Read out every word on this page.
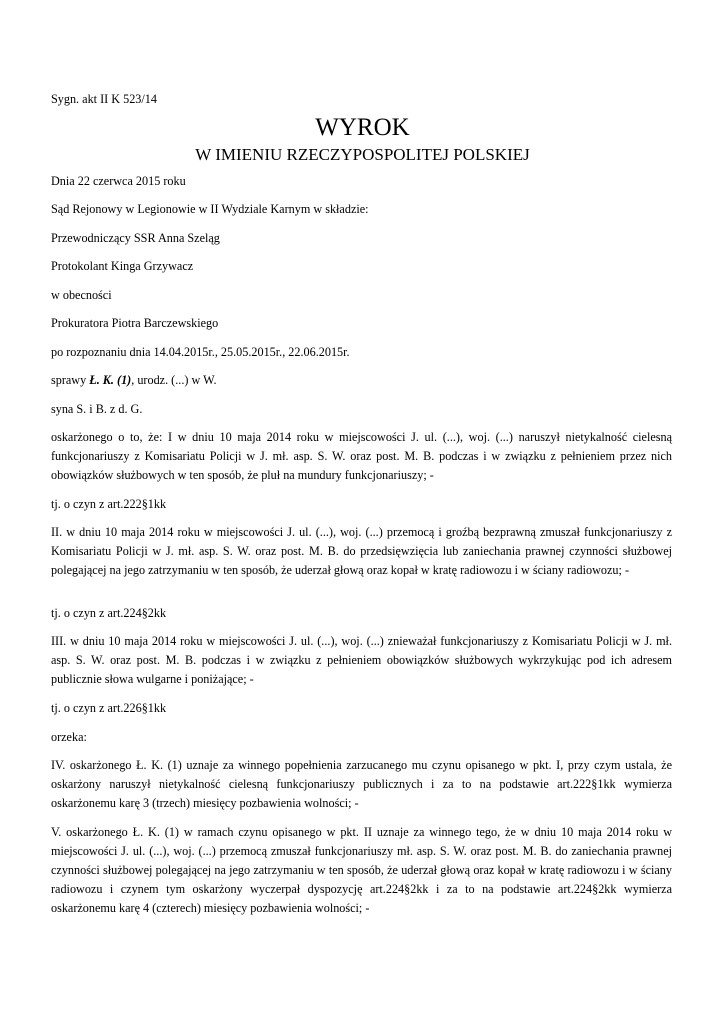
Sygn. akt II K 523/14

WYROK
W IMIENIU RZECZYPOSPOLITEJ POLSKIEJ

Dnia 22 czerwca 2015 roku

Sąd Rejonowy w Legionowie w II Wydziale Karnym w składzie:

Przewodniczący SSR Anna Szeląg

Protokolant Kinga Grzywacz

w obecności

Prokuratora Piotra Barczewskiego

po rozpoznaniu dnia 14.04.2015r., 25.05.2015r., 22.06.2015r.

sprawy Ł. K. (1), urodz. (...) w W.

syna S. i B. z d. G.

oskarżonego o to, że: I w dniu 10 maja 2014 roku w miejscowości J. ul. (...), woj. (...) naruszył nietykalność cielesną funkcjonariuszy z Komisariatu Policji w J. mł. asp. S. W. oraz post. M. B. podczas i w związku z pełnieniem przez nich obowiązków służbowych w ten sposób, że pluł na mundury funkcjonariuszy; -

tj. o czyn z art.222§1kk

II. w dniu 10 maja 2014 roku w miejscowości J. ul. (...), woj. (...) przemocą i groźbą bezprawną zmuszał funkcjonariuszy z Komisariatu Policji w J. mł. asp. S. W. oraz post. M. B. do przedsięwzięcia lub zaniechania prawnej czynności służbowej polegającej na jego zatrzymaniu w ten sposób, że uderzał głową oraz kopał w kratę radiowozu i w ściany radiowozu; -

tj. o czyn z art.224§2kk

III. w dniu 10 maja 2014 roku w miejscowości J. ul. (...), woj. (...) znieważał funkcjonariuszy z Komisariatu Policji w J. mł. asp. S. W. oraz post. M. B. podczas i w związku z pełnieniem obowiązków służbowych wykrzykując pod ich adresem publicznie słowa wulgarne i poniżające; -

tj. o czyn z art.226§1kk

orzeka:

IV. oskarżonego Ł. K. (1) uznaje za winnego popełnienia zarzucanego mu czynu opisanego w pkt. I, przy czym ustala, że oskarżony naruszył nietykalność cielesną funkcjonariuszy publicznych i za to na podstawie art.222§1kk wymierza oskarżonemu karę 3 (trzech) miesięcy pozbawienia wolności; -

V. oskarżonego Ł. K. (1) w ramach czynu opisanego w pkt. II uznaje za winnego tego, że w dniu 10 maja 2014 roku w miejscowości J. ul. (...), woj. (...) przemocą zmuszał funkcjonariuszy mł. asp. S. W. oraz post. M. B. do zaniechania prawnej czynności służbowej polegającej na jego zatrzymaniu w ten sposób, że uderzał głową oraz kopał w kratę radiowozu i w ściany radiowozu i czynem tym oskarżony wyczerpał dyspozycję art.224§2kk i za to na podstawie art.224§2kk wymierza oskarżonemu karę 4 (czterech) miesięcy pozbawienia wolności; -
